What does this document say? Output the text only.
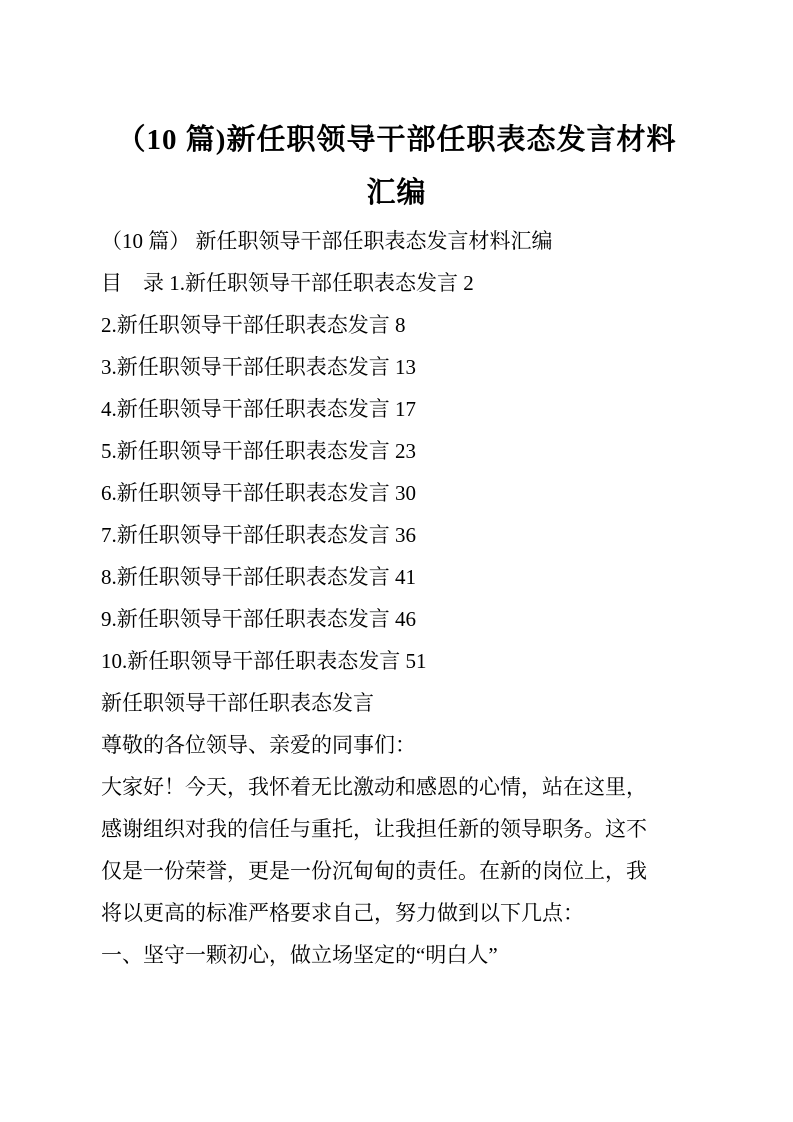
（10 篇)新任职领导干部任职表态发言材料

汇编

（10 篇） 新任职领导干部任职表态发言材料汇编

目　录 1.新任职领导干部任职表态发言 2

2.新任职领导干部任职表态发言 8

3.新任职领导干部任职表态发言 13

4.新任职领导干部任职表态发言 17

5.新任职领导干部任职表态发言 23

6.新任职领导干部任职表态发言 30

7.新任职领导干部任职表态发言 36

8.新任职领导干部任职表态发言 41

9.新任职领导干部任职表态发言 46

10.新任职领导干部任职表态发言 51

新任职领导干部任职表态发言

尊敬的各位领导、亲爱的同事们：

大家好！今天，我怀着无比激动和感恩的心情，站在这里，

感谢组织对我的信任与重托，让我担任新的领导职务。这不

仅是一份荣誉，更是一份沉甸甸的责任。在新的岗位上，我

将以更高的标准严格要求自己，努力做到以下几点：

一、坚守一颗初心，做立场坚定的“明白人”
